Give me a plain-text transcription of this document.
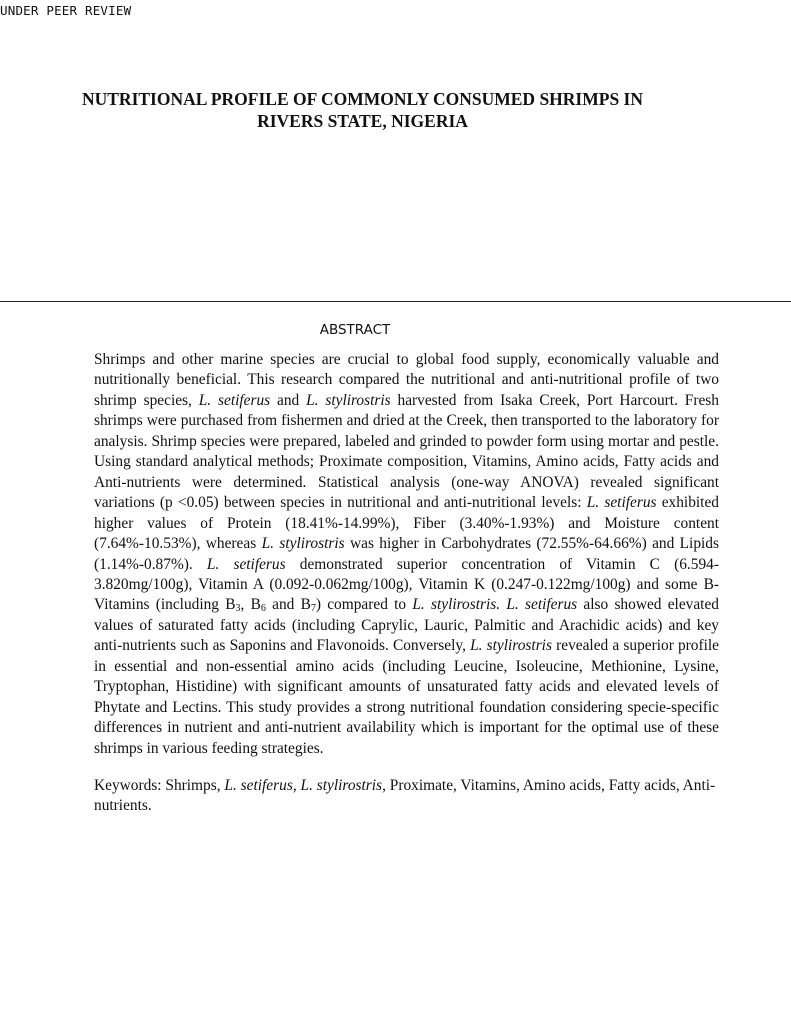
UNDER PEER REVIEW
NUTRITIONAL PROFILE OF COMMONLY CONSUMED SHRIMPS IN
RIVERS STATE, NIGERIA
ABSTRACT

Shrimps and other marine species are crucial to global food supply, economically valuable and nutritionally beneficial. This research compared the nutritional and anti-nutritional profile of two shrimp species, L. setiferus and L. stylirostris harvested from Isaka Creek, Port Harcourt. Fresh shrimps were purchased from fishermen and dried at the Creek, then transported to the laboratory for analysis. Shrimp species were prepared, labeled and grinded to powder form using mortar and pestle. Using standard analytical methods; Proximate composition, Vitamins, Amino acids, Fatty acids and Anti-nutrients were determined. Statistical analysis (one-way ANOVA) revealed significant variations (p <0.05) between species in nutritional and anti-nutritional levels: L. setiferus exhibited higher values of Protein (18.41%-14.99%), Fiber (3.40%-1.93%) and Moisture content (7.64%-10.53%), whereas L. stylirostris was higher in Carbohydrates (72.55%-64.66%) and Lipids (1.14%-0.87%). L. setiferus demonstrated superior concentration of Vitamin C (6.594-3.820mg/100g), Vitamin A (0.092-0.062mg/100g), Vitamin K (0.247-0.122mg/100g) and some B-Vitamins (including $B_3$, $B_6$ and $B_7$) compared to L. stylirostris. L. setiferus also showed elevated values of saturated fatty acids (including Caprylic, Lauric, Palmitic and Arachidic acids) and key anti-nutrients such as Saponins and Flavonoids. Conversely, L. stylirostris revealed a superior profile in essential and non-essential amino acids (including Leucine, Isoleucine, Methionine, Lysine, Tryptophan, Histidine) with significant amounts of unsaturated fatty acids and elevated levels of Phytate and Lectins. This study provides a strong nutritional foundation considering specie-specific differences in nutrient and anti-nutrient availability which is important for the optimal use of these shrimps in various feeding strategies.

Keywords: Shrimps, L. setiferus, L. stylirostris, Proximate, Vitamins, Amino acids, Fatty acids, Anti-nutrients.
